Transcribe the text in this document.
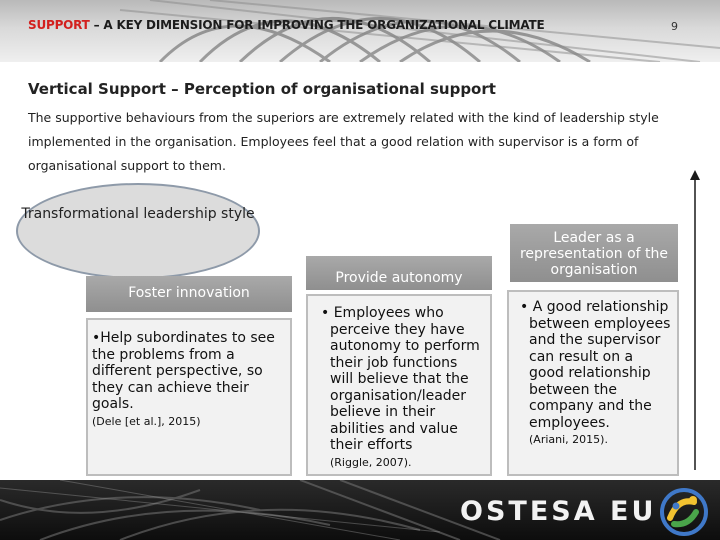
SUPPORT – A KEY DIMENSION FOR IMPROVING THE ORGANIZATIONAL CLIMATE	9
Vertical Support – Perception of organisational support
The supportive behaviours from the superiors are extremely related with the kind of leadership style implemented in the organisation. Employees feel that a good relation with supervisor is a form of organisational support to them.
Transformational leadership style
Foster innovation
•Help subordinates to see the problems from a different perspective, so they can achieve their goals.
(Dele [et al.], 2015)
Provide autonomy
• Employees who perceive they have autonomy to perform their job functions will believe that the organisation/leader believe in their abilities and value their efforts
(Riggle, 2007).
Leader as a representation of the organisation
• A good relationship between employees and the supervisor can result on a good relationship between the company and the employees.
(Ariani, 2015).
OSTESA EU
